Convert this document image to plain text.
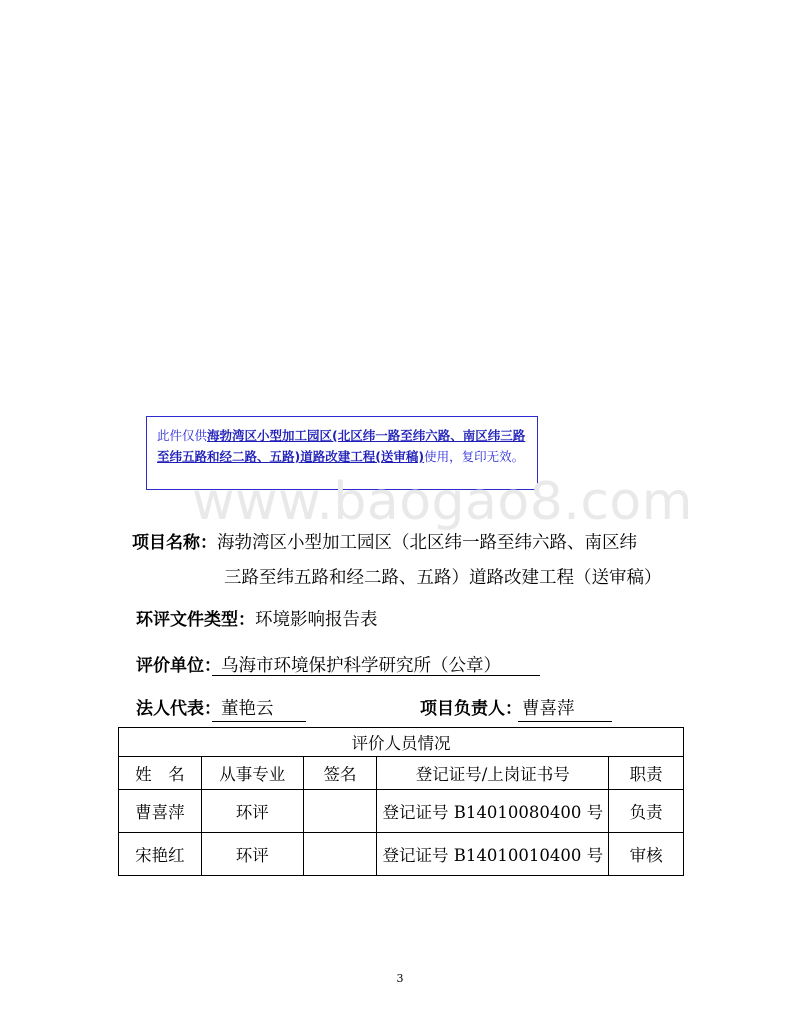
此件仅供海勃湾区小型加工园区(北区纬一路至纬六路、南区纬三路至纬五路和经二路、五路)道路改建工程(送审稿)使用，复印无效。
www.baogao8.com
项目名称：海勃湾区小型加工园区（北区纬一路至纬六路、南区纬
三路至纬五路和经二路、五路）道路改建工程（送审稿）
环评文件类型：环境影响报告表
评价单位：乌海市环境保护科学研究所（公章）
法人代表：董艳云	项目负责人：曹喜萍
评价人员情况				
姓　名	从事专业	签名	登记证号/上岗证书号	职责
曹喜萍	环评		登记证号 B14010080400 号	负责
宋艳红	环评		登记证号 B14010010400 号	审核
3
